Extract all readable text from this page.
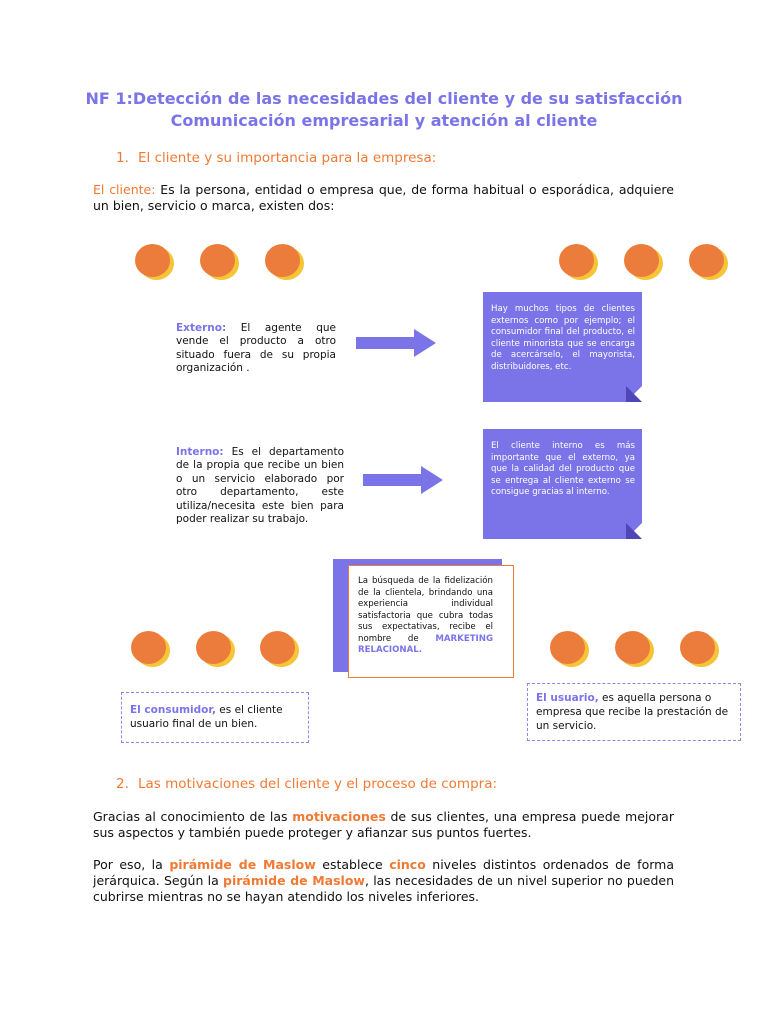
NF 1:Detección de las necesidades del cliente y de su satisfacción
Comunicación empresarial y atención al cliente
1. El cliente y su importancia para la empresa:
El cliente: Es la persona, entidad o empresa que, de forma habitual o esporádica, adquiere un bien, servicio o marca, existen dos:
Externo: El agente que vende el producto a otro situado fuera de su propia organización .
Hay muchos tipos de clientes externos como por ejemplo; el consumidor final del producto, el cliente minorista que se encarga de acercárselo, el mayorista, distribuidores, etc.
Interno: Es el departamento de la propia que recibe un bien o un servicio elaborado por otro departamento, este utiliza/necesita este bien para poder realizar su trabajo.
El cliente interno es más importante que el externo, ya que la calidad del producto que se entrega al cliente externo se consigue gracias al interno.
La búsqueda de la fidelización de la clientela, brindando una experiencia individual satisfactoria que cubra todas sus expectativas, recibe el nombre de MARKETING RELACIONAL.
El consumidor, es el cliente usuario final de un bien.
El usuario, es aquella persona o empresa que recibe la prestación de un servicio.
2. Las motivaciones del cliente y el proceso de compra:
Gracias al conocimiento de las motivaciones de sus clientes, una empresa puede mejorar sus aspectos y también puede proteger y afianzar sus puntos fuertes.
Por eso, la pirámide de Maslow establece cinco niveles distintos ordenados de forma jerárquica. Según la pirámide de Maslow, las necesidades de un nivel superior no pueden cubrirse mientras no se hayan atendido los niveles inferiores.
